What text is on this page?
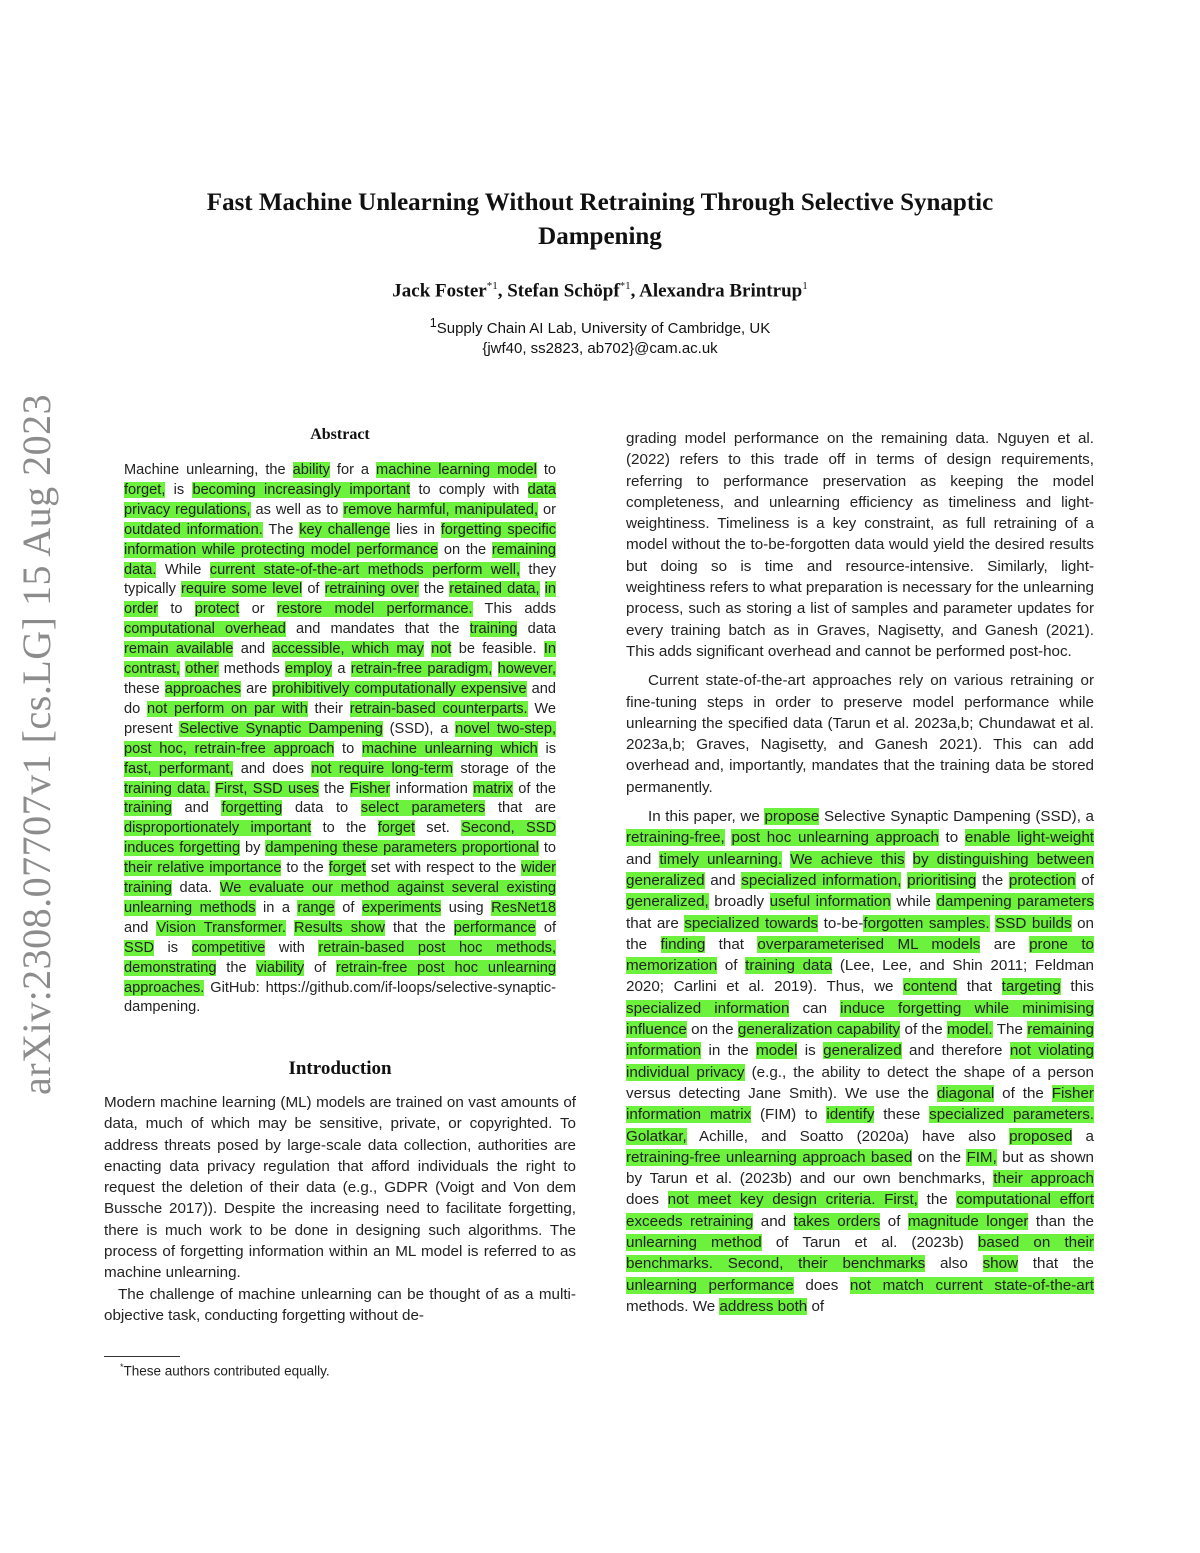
arXiv:2308.07707v1 [cs.LG] 15 Aug 2023
Fast Machine Unlearning Without Retraining Through Selective Synaptic
Dampening
Jack Foster$^{*1}$, Stefan Schöpf$^{*1}$, Alexandra Brintrup$^1$
$^1$Supply Chain AI Lab, University of Cambridge, UK
{jwf40, ss2823, ab702}@cam.ac.uk
Abstract

Machine unlearning, the ability for a machine learning model to forget, is becoming increasingly important to comply with data privacy regulations, as well as to remove harmful, manipulated, or outdated information. The key challenge lies in forgetting specific information while protecting model performance on the remaining data. While current state-of-the-art methods perform well, they typically require some level of retraining over the retained data, in order to protect or restore model performance. This adds computational overhead and mandates that the training data remain available and accessible, which may not be feasible. In contrast, other methods employ a retrain-free paradigm, however, these approaches are prohibitively computationally expensive and do not perform on par with their retrain-based counterparts. We present Selective Synaptic Dampening (SSD), a novel two-step, post hoc, retrain-free approach to machine unlearning which is fast, performant, and does not require long-term storage of the training data. First, SSD uses the Fisher information matrix of the training and forgetting data to select parameters that are disproportionately important to the forget set. Second, SSD induces forgetting by dampening these parameters proportional to their relative importance to the forget set with respect to the wider training data. We evaluate our method against several existing unlearning methods in a range of experiments using ResNet18 and Vision Transformer. Results show that the performance of SSD is competitive with retrain-based post hoc methods, demonstrating the viability of retrain-free post hoc unlearning approaches. GitHub: https://github.com/if-loops/selective-synaptic-dampening.

Introduction

Modern machine learning (ML) models are trained on vast amounts of data, much of which may be sensitive, private, or copyrighted. To address threats posed by large-scale data collection, authorities are enacting data privacy regulation that afford individuals the right to request the deletion of their data (e.g., GDPR (Voigt and Von dem Bussche 2017)). Despite the increasing need to facilitate forgetting, there is much work to be done in designing such algorithms. The process of forgetting information within an ML model is referred to as machine unlearning.

The challenge of machine unlearning can be thought of as a multi-objective task, conducting forgetting without de-

*These authors contributed equally.

grading model performance on the remaining data. Nguyen et al. (2022) refers to this trade off in terms of design requirements, referring to performance preservation as keeping the model completeness, and unlearning efficiency as timeliness and light-weightiness. Timeliness is a key constraint, as full retraining of a model without the to-be-forgotten data would yield the desired results but doing so is time and resource-intensive. Similarly, light-weightiness refers to what preparation is necessary for the unlearning process, such as storing a list of samples and parameter updates for every training batch as in Graves, Nagisetty, and Ganesh (2021). This adds significant overhead and cannot be performed post-hoc.

Current state-of-the-art approaches rely on various retraining or fine-tuning steps in order to preserve model performance while unlearning the specified data (Tarun et al. 2023a,b; Chundawat et al. 2023a,b; Graves, Nagisetty, and Ganesh 2021). This can add overhead and, importantly, mandates that the training data be stored permanently.

In this paper, we propose Selective Synaptic Dampening (SSD), a retraining-free, post hoc unlearning approach to enable light-weight and timely unlearning. We achieve this by distinguishing between generalized and specialized information, prioritising the protection of generalized, broadly useful information while dampening parameters that are specialized towards to-be-forgotten samples. SSD builds on the finding that overparameterised ML models are prone to memorization of training data (Lee, Lee, and Shin 2011; Feldman 2020; Carlini et al. 2019). Thus, we contend that targeting this specialized information can induce forgetting while minimising influence on the generalization capability of the model. The remaining information in the model is generalized and therefore not violating individual privacy (e.g., the ability to detect the shape of a person versus detecting Jane Smith). We use the diagonal of the Fisher information matrix (FIM) to identify these specialized parameters. Golatkar, Achille, and Soatto (2020a) have also proposed a retraining-free unlearning approach based on the FIM, but as shown by Tarun et al. (2023b) and our own benchmarks, their approach does not meet key design criteria. First, the computational effort exceeds retraining and takes orders of magnitude longer than the unlearning method of Tarun et al. (2023b) based on their benchmarks. Second, their benchmarks also show that the unlearning performance does not match current state-of-the-art methods. We address both of
